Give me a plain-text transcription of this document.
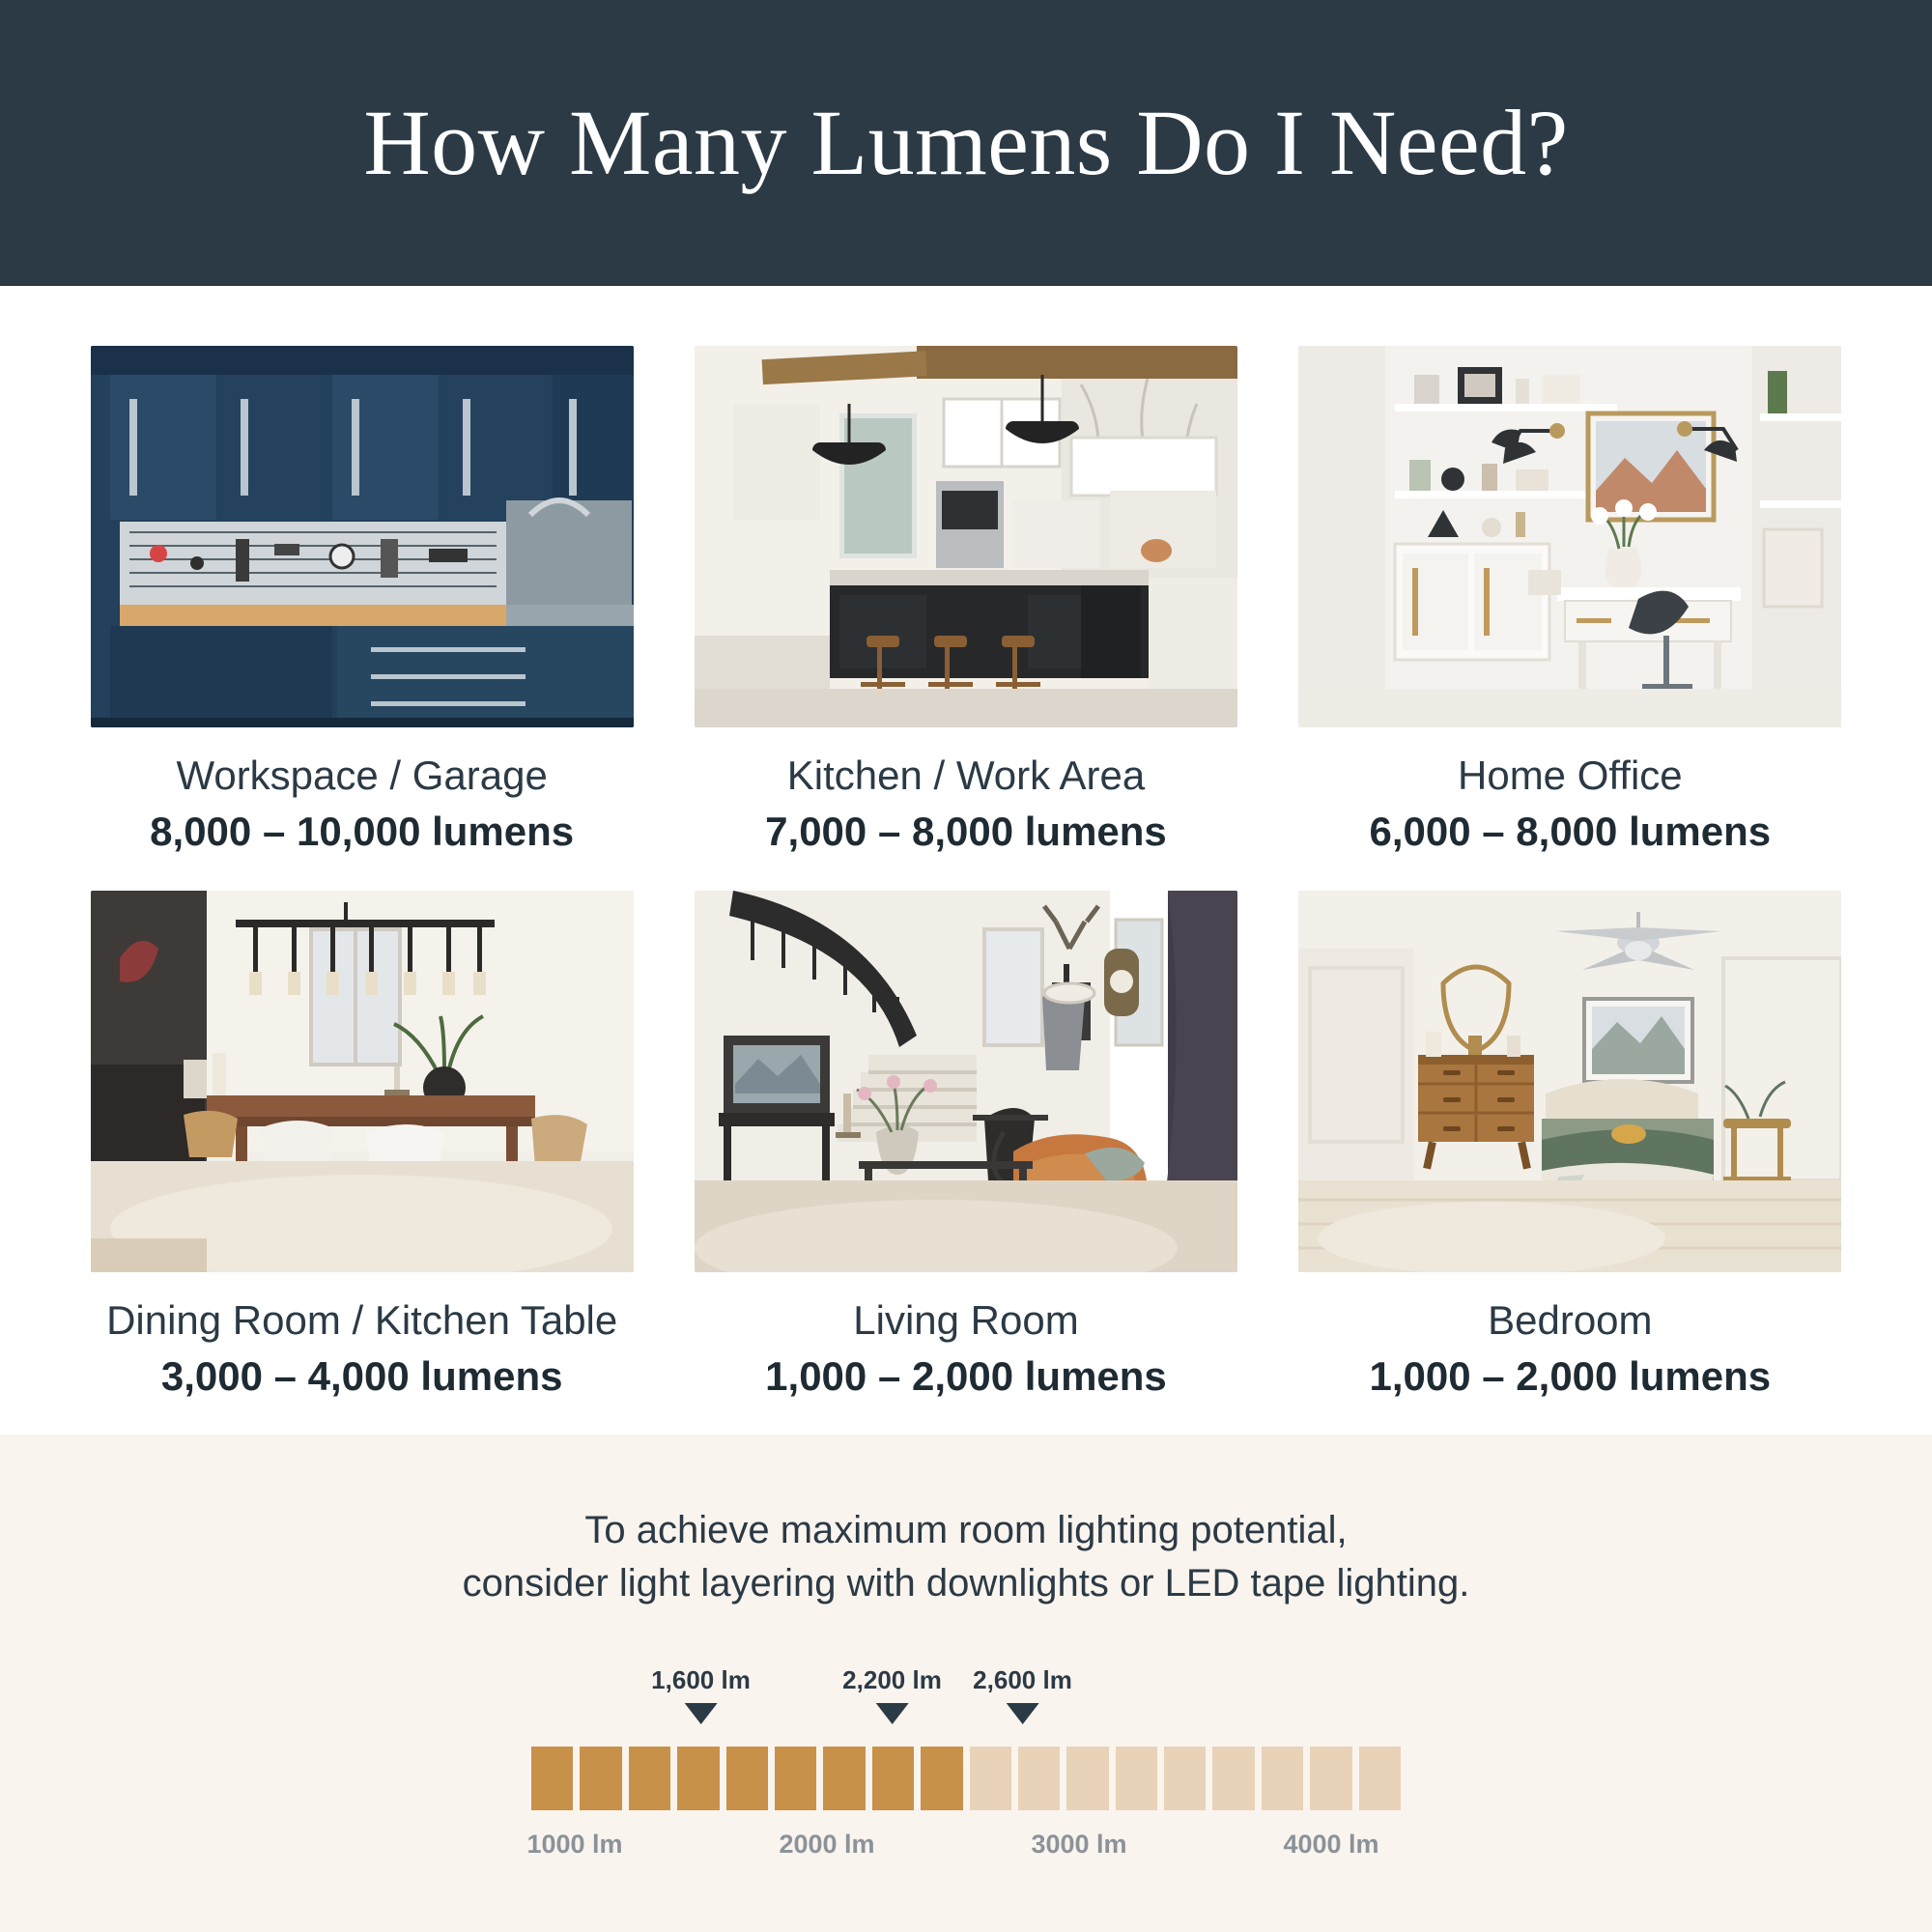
How Many Lumens Do I Need?
Workspace / Garage
8,000 – 10,000 lumens
Kitchen / Work Area
7,000 – 8,000 lumens
Home Office
6,000 – 8,000 lumens
Dining Room / Kitchen Table
3,000 – 4,000 lumens
Living Room
1,000 – 2,000 lumens
Bedroom
1,000 – 2,000 lumens
To achieve maximum room lighting potential,
consider light layering with downlights or LED tape lighting.
1,600 lm	2,200 lm 2,600 lm
1000 lm	2000 lm	3000 lm	4000 lm
